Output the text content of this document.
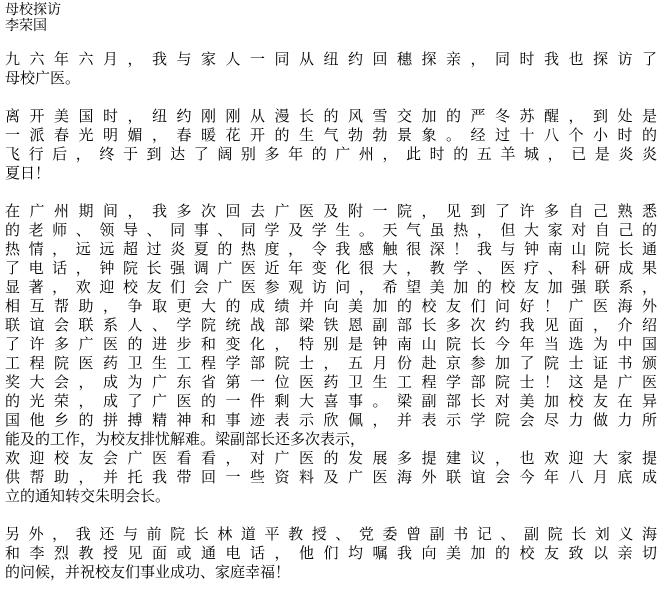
母校探访
李荣国
九六年六月，我与家人一同从纽约回穗探亲，同时我也探访了
母校广医。
离开美国时，纽约刚刚从漫长的风雪交加的严冬苏醒，到处是
一派春光明媚，春暖花开的生气勃勃景象。经过十八个小时的
飞行后，终于到达了阔别多年的广州，此时的五羊城，已是炎炎
夏日！
在广州期间，我多次回去广医及附一院，见到了许多自己熟悉
的老师、领导、同事、同学及学生。天气虽热，但大家对自己的
热情，远远超过炎夏的热度，令我感触很深！我与钟南山院长通
了电话，钟院长强调广医近年变化很大，教学、医疗、科研成果
显著，欢迎校友们会广医参观访问，希望美加的校友加强联系，
相互帮助，争取更大的成绩并向美加的校友们问好！广医海外
联谊会联系人、学院统战部梁铁恩副部长多次约我见面，介绍
了许多广医的进步和变化，特别是钟南山院长今年当选为中国
工程院医药卫生工程学部院士，五月份赴京参加了院士证书颁
奖大会，成为广东省第一位医药卫生工程学部院士！这是广医
的光荣，成了广医的一件剩大喜事。梁副部长对美加校友在异
国他乡的拼搏精神和事迹表示欣佩，并表示学院会尽力做力所
能及的工作，为校友排忧解难。梁副部长还多次表示，
欢迎校友会广医看看，对广医的发展多提建议，也欢迎大家提
供帮助，并托我带回一些资料及广医海外联谊会今年八月底成
立的通知转交朱明会长。
另外，我还与前院长林道平教授、党委曾副书记、副院长刘义海
和李烈教授见面或通电话，他们均嘱我向美加的校友致以亲切
的问候，并祝校友们事业成功、家庭幸福！
